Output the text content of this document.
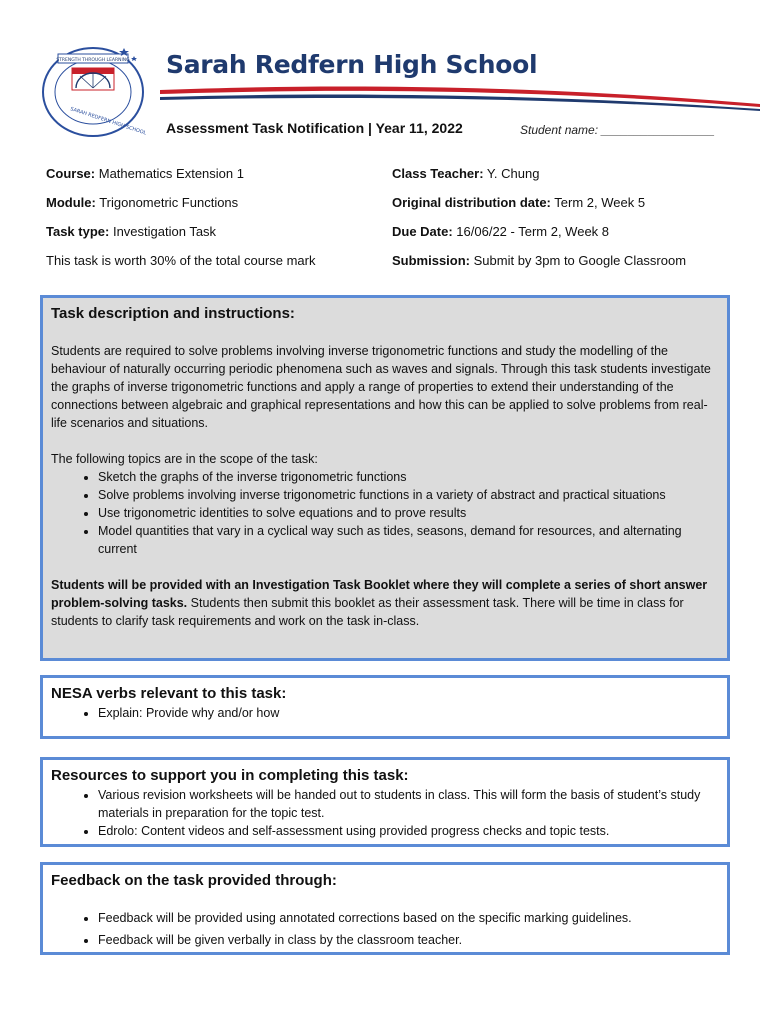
STRENGTH THROUGH LEARNING
SARAH REDFERN HIGH SCHOOL
Sarah Redfern High School
Assessment Task Notification | Year 11, 2022	Student name: _________________
Course: Mathematics Extension 1	Class Teacher: Y. Chung
Module: Trigonometric Functions	Original distribution date: Term 2, Week 5
Task type: Investigation Task	Due Date: 16/06/22 - Term 2, Week 8
This task is worth 30% of the total course mark	Submission: Submit by 3pm to Google Classroom
Task description and instructions:

Students are required to solve problems involving inverse trigonometric functions and study the modelling of the behaviour of naturally occurring periodic phenomena such as waves and signals. Through this task students investigate the graphs of inverse trigonometric functions and apply a range of properties to extend their understanding of the connections between algebraic and graphical representations and how this can be applied to solve problems from real-life scenarios and situations.

The following topics are in the scope of the task:

• Sketch the graphs of the inverse trigonometric functions
• Solve problems involving inverse trigonometric functions in a variety of abstract and practical situations
• Use trigonometric identities to solve equations and to prove results
• Model quantities that vary in a cyclical way such as tides, seasons, demand for resources, and alternating current

Students will be provided with an Investigation Task Booklet where they will complete a series of short answer problem-solving tasks. Students then submit this booklet as their assessment task. There will be time in class for students to clarify task requirements and work on the task in-class.

NESA verbs relevant to this task:
• Explain: Provide why and/or how
Resources to support you in completing this task:
• Various revision worksheets will be handed out to students in class. This will form the basis of student’s study materials in preparation for the topic test.
• Edrolo: Content videos and self-assessment using provided progress checks and topic tests.
Feedback on the task provided through:
• Feedback will be provided using annotated corrections based on the specific marking guidelines.
• Feedback will be given verbally in class by the classroom teacher.
